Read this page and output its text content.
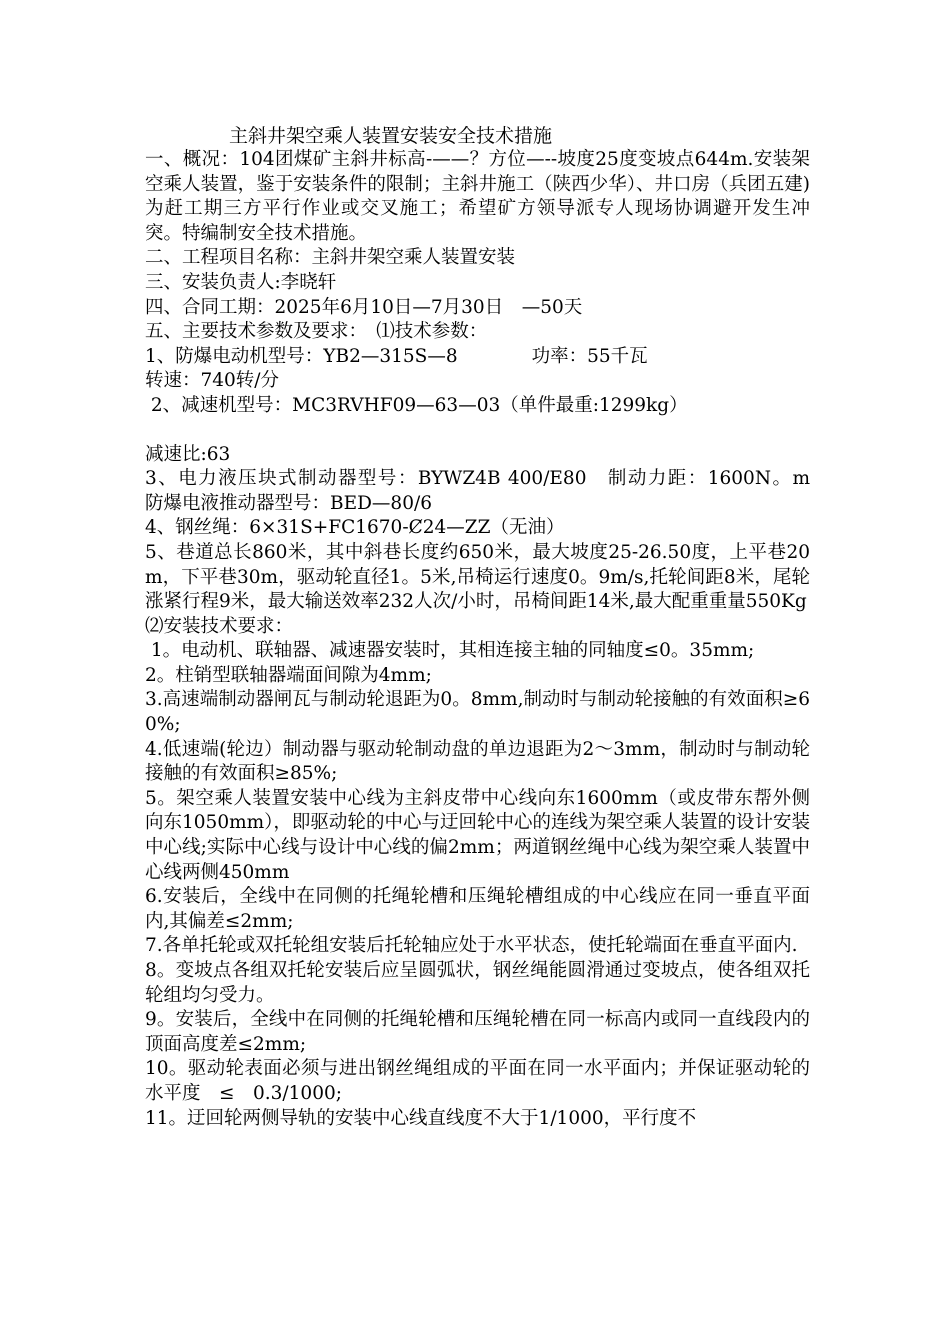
主斜井架空乘人装置安装安全技术措施

一、概况：104团煤矿主斜井标高-——？方位—--坡度25度变坡点644m.安装架空乘人装置，鉴于安装条件的限制；主斜井施工（陕西少华）、井口房（兵团五建)为赶工期三方平行作业或交叉施工；希望矿方领导派专人现场协调避开发生冲突。特编制安全技术措施。

二、工程项目名称：主斜井架空乘人装置安装

三、安装负责人:李晓轩

四、合同工期：2025年6月10日—7月30日　—50天

五、主要技术参数及要求：　⑴技术参数：

1、防爆电动机型号：YB2—315S—8　　　　功率：55千瓦

转速：740转/分

2、减速机型号：MC3RVHF09—63—03（单件最重:1299kg）

减速比:63

3、电力液压块式制动器型号：BYWZ4B 400/E80　制动力距：1600N。m　防爆电液推动器型号：BED—80/6

4、钢丝绳：6×31S+FC1670-Ȼ24—ZZ（无油）

5、巷道总长860米，其中斜巷长度约650米，最大坡度25-26.50度，上平巷20m，下平巷30m，驱动轮直径1。5米,吊椅运行速度0。9m/s,托轮间距8米，尾轮涨紧行程9米，最大输送效率232人次/小时，吊椅间距14米,最大配重重量550Kg

⑵安装技术要求：

1。电动机、联轴器、减速器安装时，其相连接主轴的同轴度≤0。35mm;

2。柱销型联轴器端面间隙为4mm;

3.高速端制动器闸瓦与制动轮退距为0。8mm,制动时与制动轮接触的有效面积≥60%;

4.低速端(轮边）制动器与驱动轮制动盘的单边退距为2～3mm，制动时与制动轮接触的有效面积≥85%;

5。架空乘人装置安装中心线为主斜皮带中心线向东1600mm（或皮带东帮外侧向东1050mm），即驱动轮的中心与迂回轮中心的连线为架空乘人装置的设计安装中心线;实际中心线与设计中心线的偏2mm；两道钢丝绳中心线为架空乘人装置中心线两侧450mm

6.安装后，全线中在同侧的托绳轮槽和压绳轮槽组成的中心线应在同一垂直平面内,其偏差≤2mm;

7.各单托轮或双托轮组安装后托轮轴应处于水平状态，使托轮端面在垂直平面内.

8。变坡点各组双托轮安装后应呈圆弧状，钢丝绳能圆滑通过变坡点，使各组双托轮组均匀受力。

9。安装后，全线中在同侧的托绳轮槽和压绳轮槽在同一标高内或同一直线段内的顶面高度差≤2mm;

10。驱动轮表面必须与进出钢丝绳组成的平面在同一水平面内；并保证驱动轮的水平度　≤　0.3/1000;

11。迂回轮两侧导轨的安装中心线直线度不大于1/1000，平行度不
